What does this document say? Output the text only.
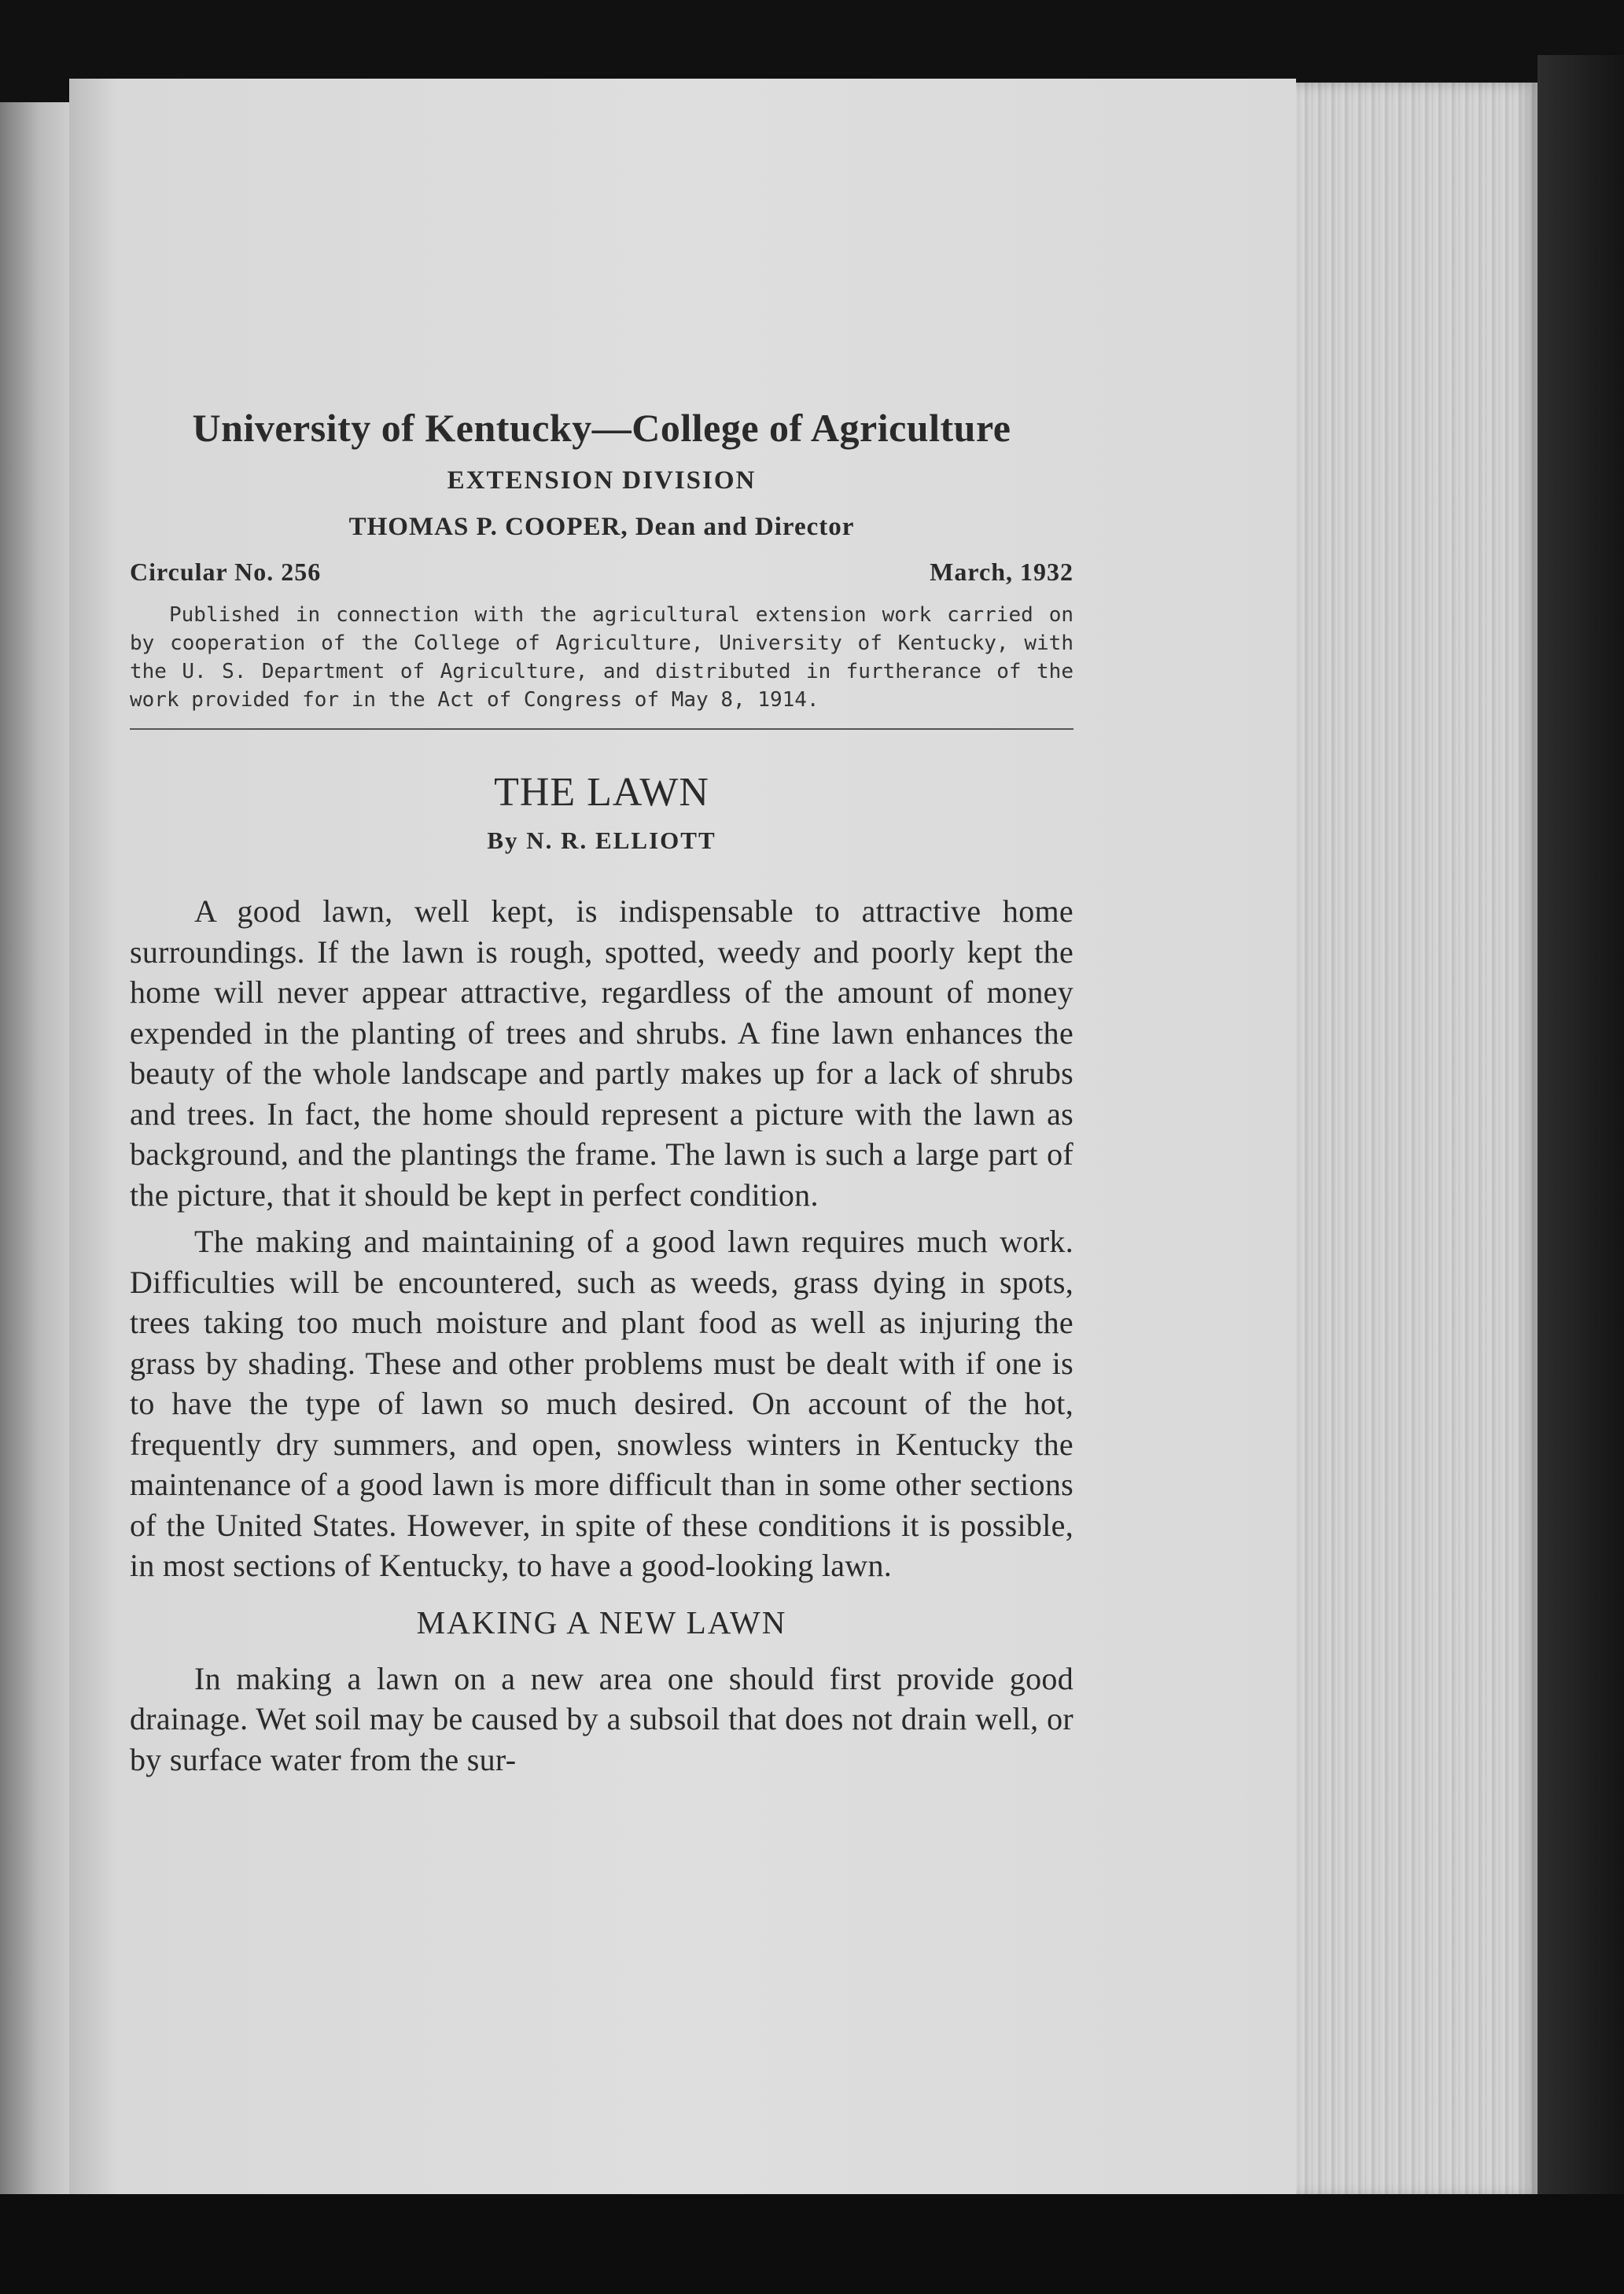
University of Kentucky—College of Agriculture
EXTENSION DIVISION
THOMAS P. COOPER, Dean and Director
Circular No. 256	March, 1932
Published in connection with the agricultural extension work carried on by cooperation of the College of Agriculture, University of Kentucky, with the U. S. Department of Agriculture, and distributed in furtherance of the work provided for in the Act of Congress of May 8, 1914.
THE LAWN
By N. R. ELLIOTT

A good lawn, well kept, is indispensable to attractive home surroundings. If the lawn is rough, spotted, weedy and poorly kept the home will never appear attractive, regardless of the amount of money expended in the planting of trees and shrubs. A fine lawn enhances the beauty of the whole landscape and partly makes up for a lack of shrubs and trees. In fact, the home should represent a picture with the lawn as background, and the plantings the frame. The lawn is such a large part of the picture, that it should be kept in perfect condition.

The making and maintaining of a good lawn requires much work. Difficulties will be encountered, such as weeds, grass dying in spots, trees taking too much moisture and plant food as well as injuring the grass by shading. These and other problems must be dealt with if one is to have the type of lawn so much desired. On account of the hot, frequently dry summers, and open, snowless winters in Kentucky the maintenance of a good lawn is more difficult than in some other sections of the United States. However, in spite of these conditions it is possible, in most sections of Kentucky, to have a good-looking lawn.

MAKING A NEW LAWN

In making a lawn on a new area one should first provide good drainage. Wet soil may be caused by a subsoil that does not drain well, or by surface water from the sur-
